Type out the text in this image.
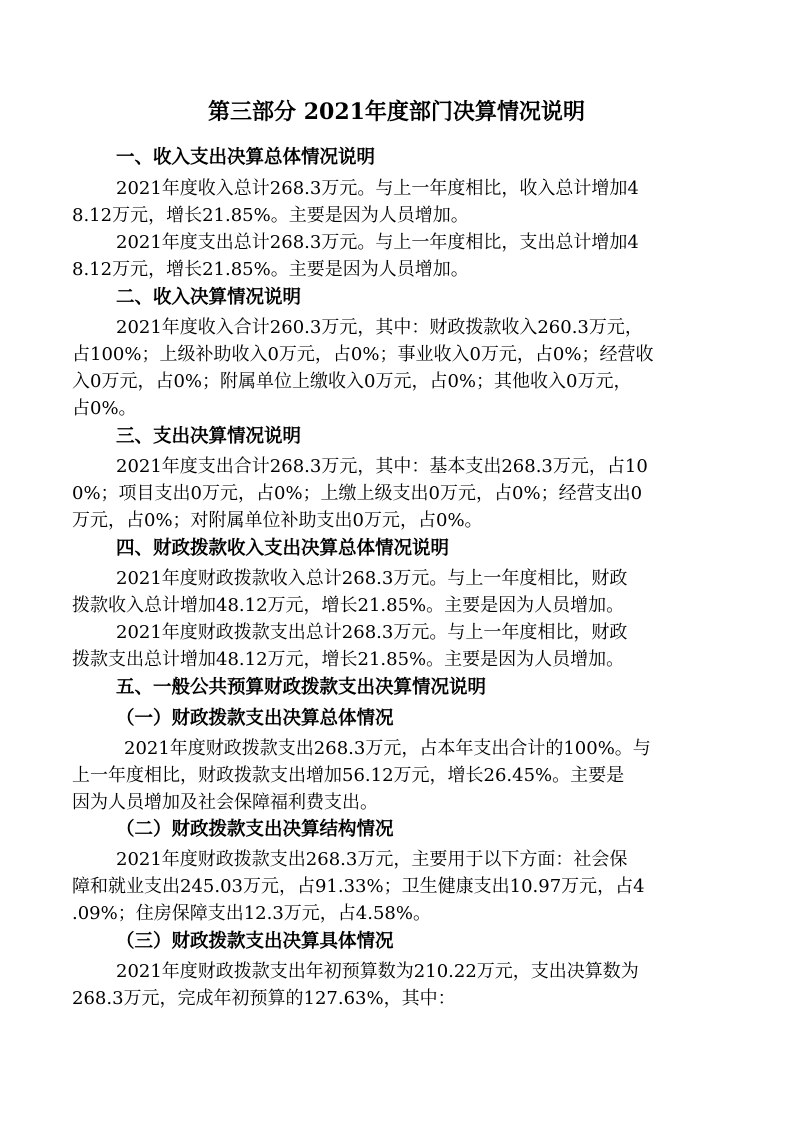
第三部分 2021年度部门决算情况说明
一、收入支出决算总体情况说明
2021年度收入总计268.3万元。与上一年度相比，收入总计增加4
8.12万元，增长21.85%。主要是因为人员增加。
2021年度支出总计268.3万元。与上一年度相比，支出总计增加4
8.12万元，增长21.85%。主要是因为人员增加。
二、收入决算情况说明
2021年度收入合计260.3万元，其中：财政拨款收入260.3万元，
占100%；上级补助收入0万元，占0%；事业收入0万元，占0%；经营收
入0万元，占0%；附属单位上缴收入0万元，占0%；其他收入0万元，
占0%。
三、支出决算情况说明
2021年度支出合计268.3万元，其中：基本支出268.3万元，占10
0%；项目支出0万元，占0%；上缴上级支出0万元，占0%；经营支出0
万元，占0%；对附属单位补助支出0万元，占0%。
四、财政拨款收入支出决算总体情况说明
2021年度财政拨款收入总计268.3万元。与上一年度相比，财政
拨款收入总计增加48.12万元，增长21.85%。主要是因为人员增加。
2021年度财政拨款支出总计268.3万元。与上一年度相比，财政
拨款支出总计增加48.12万元，增长21.85%。主要是因为人员增加。
五、一般公共预算财政拨款支出决算情况说明
（一）财政拨款支出决算总体情况
2021年度财政拨款支出268.3万元，占本年支出合计的100%。与
上一年度相比，财政拨款支出增加56.12万元，增长26.45%。主要是
因为人员增加及社会保障福利费支出。
（二）财政拨款支出决算结构情况
2021年度财政拨款支出268.3万元，主要用于以下方面：社会保
障和就业支出245.03万元，占91.33%；卫生健康支出10.97万元，占4
.09%；住房保障支出12.3万元，占4.58%。
（三）财政拨款支出决算具体情况
2021年度财政拨款支出年初预算数为210.22万元，支出决算数为
268.3万元，完成年初预算的127.63%，其中：
